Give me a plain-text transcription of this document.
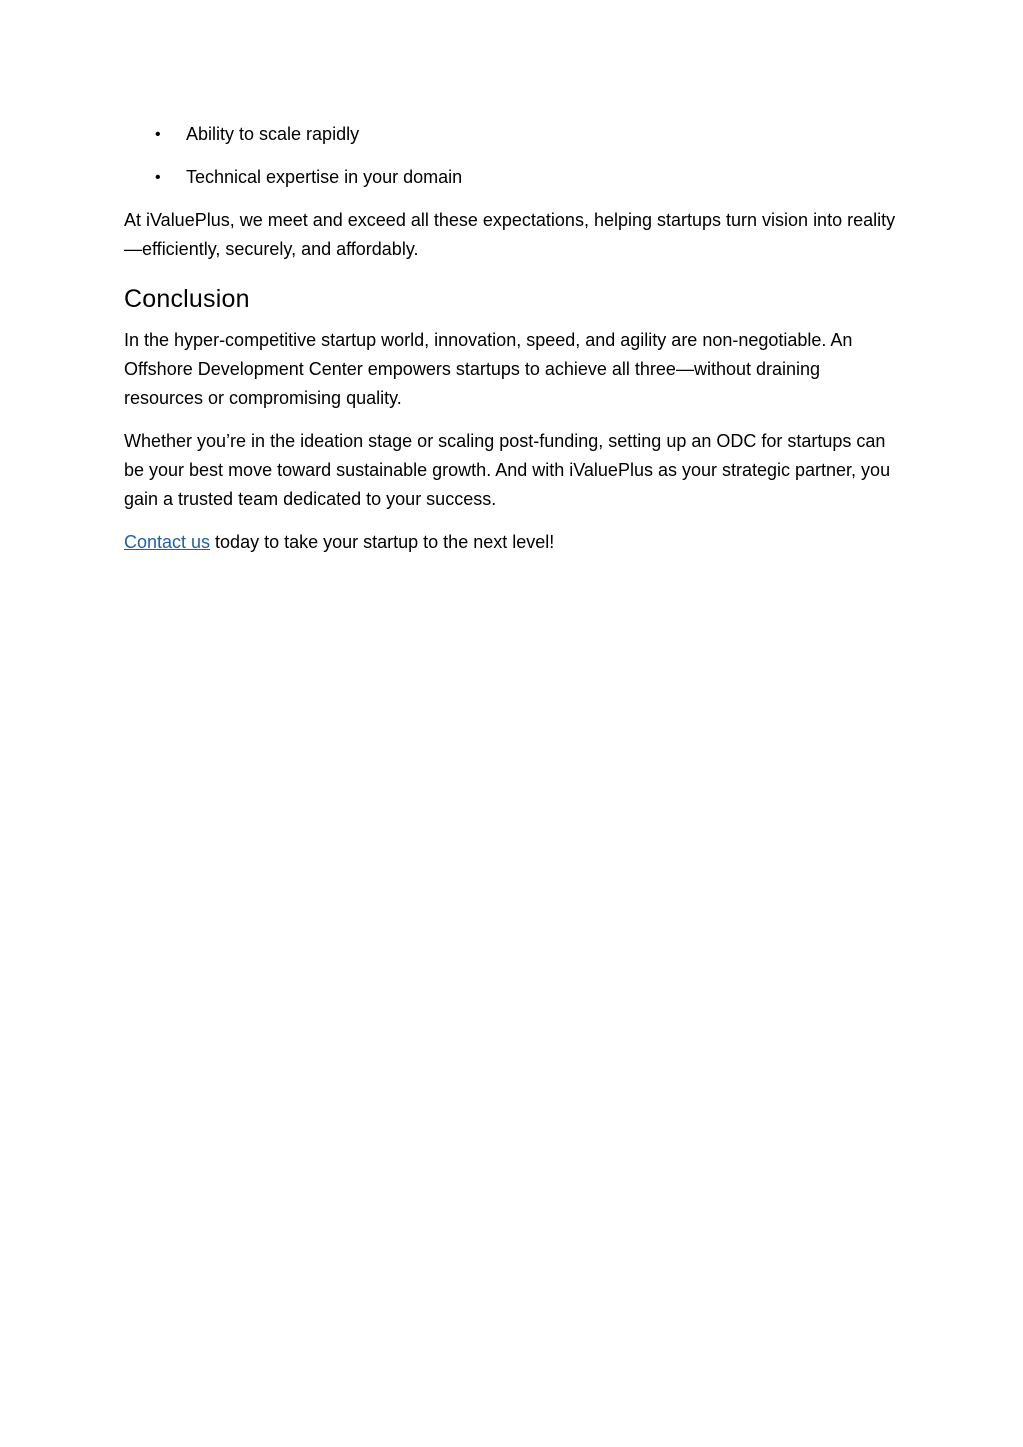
• Ability to scale rapidly
• Technical expertise in your domain

At iValuePlus, we meet and exceed all these expectations, helping startups turn vision into reality—efficiently, securely, and affordably.

Conclusion

In the hyper-competitive startup world, innovation, speed, and agility are non-negotiable. An Offshore Development Center empowers startups to achieve all three—without draining resources or compromising quality.

Whether you’re in the ideation stage or scaling post-funding, setting up an ODC for startups can be your best move toward sustainable growth. And with iValuePlus as your strategic partner, you gain a trusted team dedicated to your success.

Contact us today to take your startup to the next level!
